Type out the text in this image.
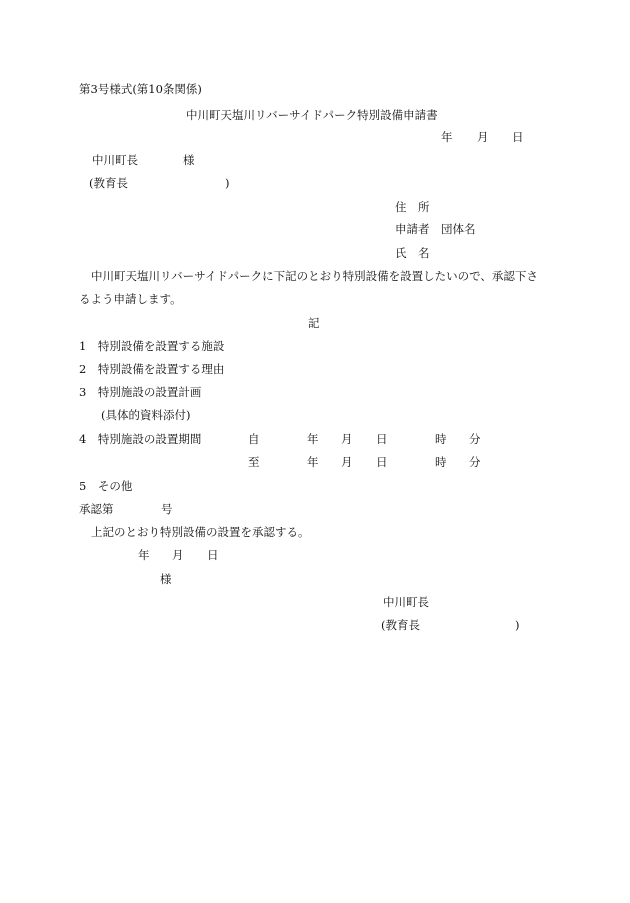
第3号様式(第10条関係)
中川町天塩川リバーサイドパーク特別設備申請書
年 月 日
中川町長	様
(教育長	)
住　所
申請者 団体名
氏　名
中川町天塩川リバーサイドパークに下記のとおり特別設備を設置したいので、承認下さ
るよう申請します。
記
1　特別設備を設置する施設
2　特別設備を設置する理由
3　特別施設の設置計画
(具体的資料添付)
4　特別施設の設置期間	自	年 月 日	時 分
至	年 月 日	時 分
5　その他
承認第	号
上記のとおり特別設備の設置を承認する。
年 月 日
様
中川町長
(教育長	)
